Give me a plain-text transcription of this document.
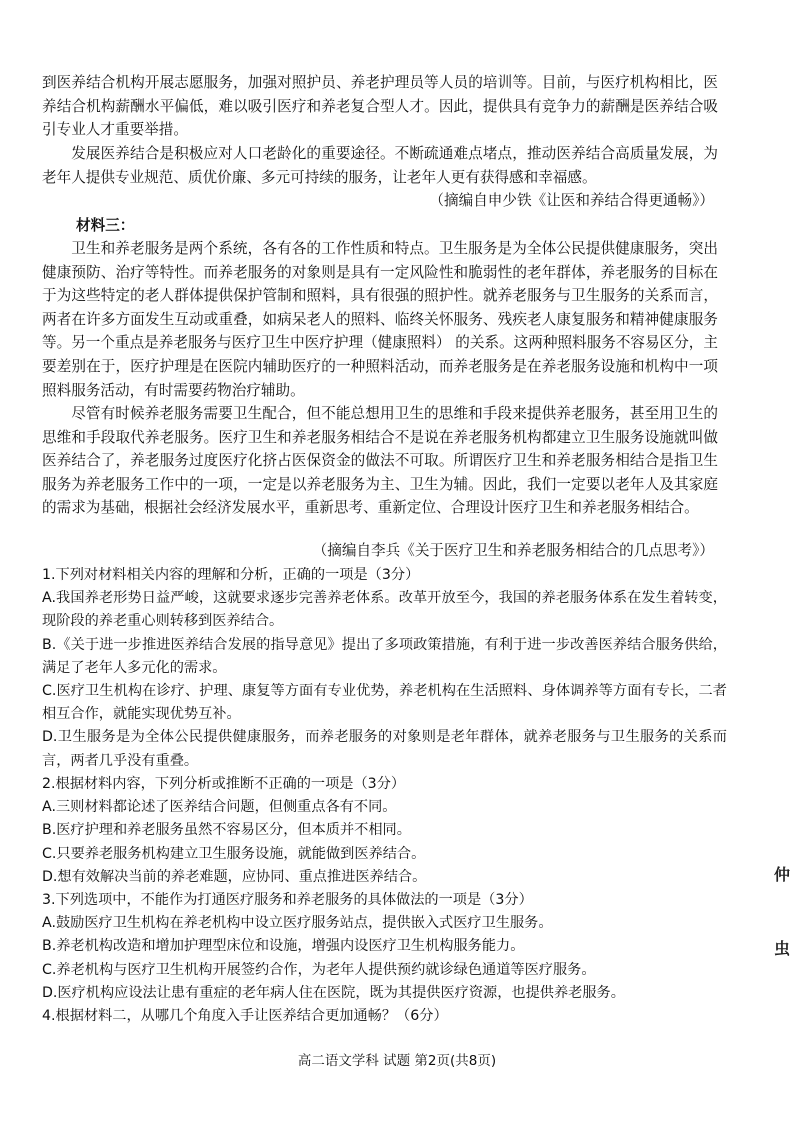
到医养结合机构开展志愿服务，加强对照护员、养老护理员等人员的培训等。目前，与医疗机构相比，医养结合机构薪酬水平偏低，难以吸引医疗和养老复合型人才。因此，提供具有竞争力的薪酬是医养结合吸引专业人才重要举措。

发展医养结合是积极应对人口老龄化的重要途径。不断疏通难点堵点，推动医养结合高质量发展，为老年人提供专业规范、质优价廉、多元可持续的服务，让老年人更有获得感和幸福感。

（摘编自申少铁《让医和养结合得更通畅》）

材料三：

卫生和养老服务是两个系统，各有各的工作性质和特点。卫生服务是为全体公民提供健康服务，突出健康预防、治疗等特性。而养老服务的对象则是具有一定风险性和脆弱性的老年群体，养老服务的目标在于为这些特定的老人群体提供保护管制和照料，具有很强的照护性。就养老服务与卫生服务的关系而言，两者在许多方面发生互动或重叠，如病呆老人的照料、临终关怀服务、残疾老人康复服务和精神健康服务等。另一个重点是养老服务与医疗卫生中医疗护理（健康照料） 的关系。这两种照料服务不容易区分，主要差别在于，医疗护理是在医院内辅助医疗的一种照料活动，而养老服务是在养老服务设施和机构中一项照料服务活动，有时需要药物治疗辅助。

尽管有时候养老服务需要卫生配合，但不能总想用卫生的思维和手段来提供养老服务，甚至用卫生的思维和手段取代养老服务。医疗卫生和养老服务相结合不是说在养老服务机构都建立卫生服务设施就叫做医养结合了，养老服务过度医疗化挤占医保资金的做法不可取。所谓医疗卫生和养老服务相结合是指卫生服务为养老服务工作中的一项，一定是以养老服务为主、卫生为辅。因此，我们一定要以老年人及其家庭的需求为基础，根据社会经济发展水平，重新思考、重新定位、合理设计医疗卫生和养老服务相结合。

（摘编自李兵《关于医疗卫生和养老服务相结合的几点思考》）

1.下列对材料相关内容的理解和分析，正确的一项是（3分）
A.我国养老形势日益严峻，这就要求逐步完善养老体系。改革开放至今，我国的养老服务体系在发生着转变，现阶段的养老重心则转移到医养结合。
B.《关于进一步推进医养结合发展的指导意见》提出了多项政策措施，有利于进一步改善医养结合服务供给，满足了老年人多元化的需求。
C.医疗卫生机构在诊疗、护理、康复等方面有专业优势，养老机构在生活照料、身体调养等方面有专长，二者相互合作，就能实现优势互补。
D.卫生服务是为全体公民提供健康服务，而养老服务的对象则是老年群体，就养老服务与卫生服务的关系而言，两者几乎没有重叠。
2.根据材料内容，下列分析或推断不正确的一项是（3分）
A.三则材料都论述了医养结合问题，但侧重点各有不同。
B.医疗护理和养老服务虽然不容易区分，但本质并不相同。
C.只要养老服务机构建立卫生服务设施，就能做到医养结合。
D.想有效解决当前的养老难题，应协同、重点推进医养结合。
3.下列选项中，不能作为打通医疗服务和养老服务的具体做法的一项是（3分）
A.鼓励医疗卫生机构在养老机构中设立医疗服务站点，提供嵌入式医疗卫生服务。
B.养老机构改造和增加护理型床位和设施，增强内设医疗卫生机构服务能力。
C.养老机构与医疗卫生机构开展签约合作，为老年人提供预约就诊绿色通道等医疗服务。
D.医疗机构应设法让患有重症的老年病人住在医院，既为其提供医疗资源，也提供养老服务。
4.根据材料二，从哪几个角度入手让医养结合更加通畅？（6分）

高二语文学科 试题 第2页(共8页)

仲
虫
